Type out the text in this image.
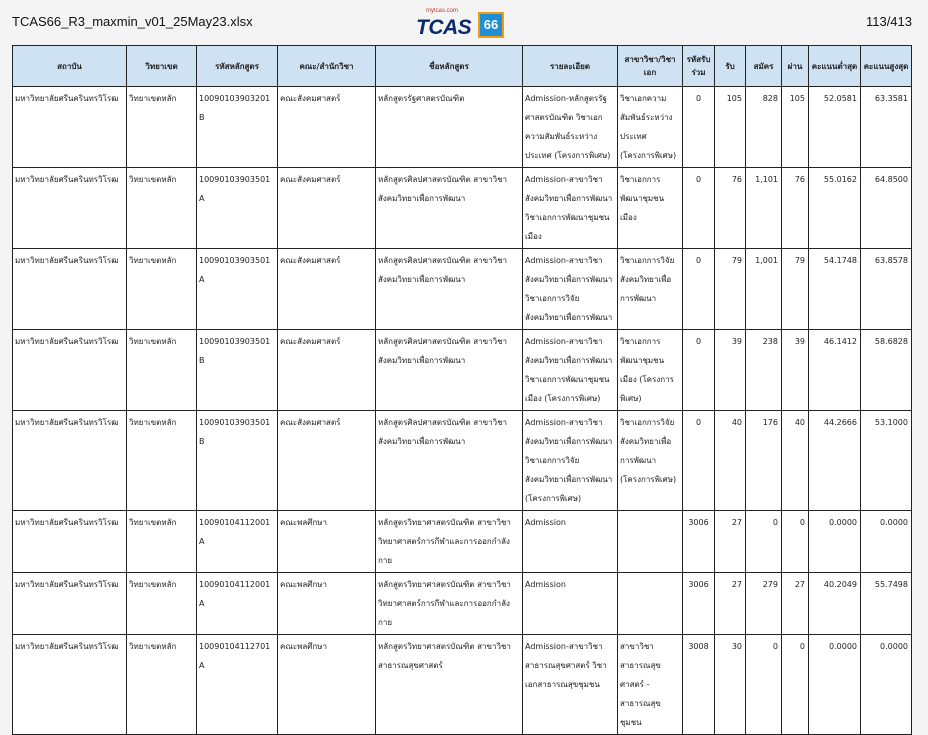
TCAS66_R3_maxmin_v01_25May23.xlsx
mytcas.com
TCAS 66	113/413
สถาบัน	วิทยาเขต	รหัสหลักสูตร	คณะ/สำนักวิชา	ชื่อหลักสูตร	รายละเอียด	สาขาวิชา/วิชาเอก	รหัสรับร่วม	รับ	สมัคร	ผ่าน	คะแนนต่ำสุด	คะแนนสูงสุด
มหาวิทยาลัยศรีนครินทรวิโรฒ	วิทยาเขตหลัก	10090103903201B	คณะสังคมศาสตร์	หลักสูตรรัฐศาสตรบัณฑิต	Admission-หลักสูตรรัฐศาสตรบัณฑิต วิชาเอกความสัมพันธ์ระหว่างประเทศ (โครงการพิเศษ)	วิชาเอกความสัมพันธ์ระหว่างประเทศ (โครงการพิเศษ)	0	105	828	105	52.0581	63.3581
มหาวิทยาลัยศรีนครินทรวิโรฒ	วิทยาเขตหลัก	10090103903501A	คณะสังคมศาสตร์	หลักสูตรศิลปศาสตรบัณฑิต สาขาวิชาสังคมวิทยาเพื่อการพัฒนา	Admission-สาขาวิชาสังคมวิทยาเพื่อการพัฒนา วิชาเอกการพัฒนาชุมชนเมือง	วิชาเอกการพัฒนาชุมชนเมือง	0	76	1,101	76	55.0162	64.8500
มหาวิทยาลัยศรีนครินทรวิโรฒ	วิทยาเขตหลัก	10090103903501A	คณะสังคมศาสตร์	หลักสูตรศิลปศาสตรบัณฑิต สาขาวิชาสังคมวิทยาเพื่อการพัฒนา	Admission-สาขาวิชาสังคมวิทยาเพื่อการพัฒนา วิชาเอกการวิจัยสังคมวิทยาเพื่อการพัฒนา	วิชาเอกการวิจัยสังคมวิทยาเพื่อการพัฒนา	0	79	1,001	79	54.1748	63.8578
มหาวิทยาลัยศรีนครินทรวิโรฒ	วิทยาเขตหลัก	10090103903501B	คณะสังคมศาสตร์	หลักสูตรศิลปศาสตรบัณฑิต สาขาวิชาสังคมวิทยาเพื่อการพัฒนา	Admission-สาขาวิชาสังคมวิทยาเพื่อการพัฒนา วิชาเอกการพัฒนาชุมชนเมือง (โครงการพิเศษ)	วิชาเอกการพัฒนาชุมชนเมือง (โครงการพิเศษ)	0	39	238	39	46.1412	58.6828
มหาวิทยาลัยศรีนครินทรวิโรฒ	วิทยาเขตหลัก	10090103903501B	คณะสังคมศาสตร์	หลักสูตรศิลปศาสตรบัณฑิต สาขาวิชาสังคมวิทยาเพื่อการพัฒนา	Admission-สาขาวิชาสังคมวิทยาเพื่อการพัฒนา วิชาเอกการวิจัยสังคมวิทยาเพื่อการพัฒนา (โครงการพิเศษ)	วิชาเอกการวิจัยสังคมวิทยาเพื่อการพัฒนา (โครงการพิเศษ)	0	40	176	40	44.2666	53.1000
มหาวิทยาลัยศรีนครินทรวิโรฒ	วิทยาเขตหลัก	10090104112001A	คณะพลศึกษา	หลักสูตรวิทยาศาสตรบัณฑิต สาขาวิชาวิทยาศาสตร์การกีฬาและการออกกำลังกาย	Admission		3006	27	0	0	0.0000	0.0000
มหาวิทยาลัยศรีนครินทรวิโรฒ	วิทยาเขตหลัก	10090104112001A	คณะพลศึกษา	หลักสูตรวิทยาศาสตรบัณฑิต สาขาวิชาวิทยาศาสตร์การกีฬาและการออกกำลังกาย	Admission		3006	27	279	27	40.2049	55.7498
มหาวิทยาลัยศรีนครินทรวิโรฒ	วิทยาเขตหลัก	10090104112701A	คณะพลศึกษา	หลักสูตรวิทยาศาสตรบัณฑิต สาขาวิชาสาธารณสุขศาสตร์	Admission-สาขาวิชาสาธารณสุขศาสตร์ วิชาเอกสาธารณสุขชุมชน	สาขาวิชาสาธารณสุขศาสตร์ - สาธารณสุขชุมชน	3008	30	0	0	0.0000	0.0000
